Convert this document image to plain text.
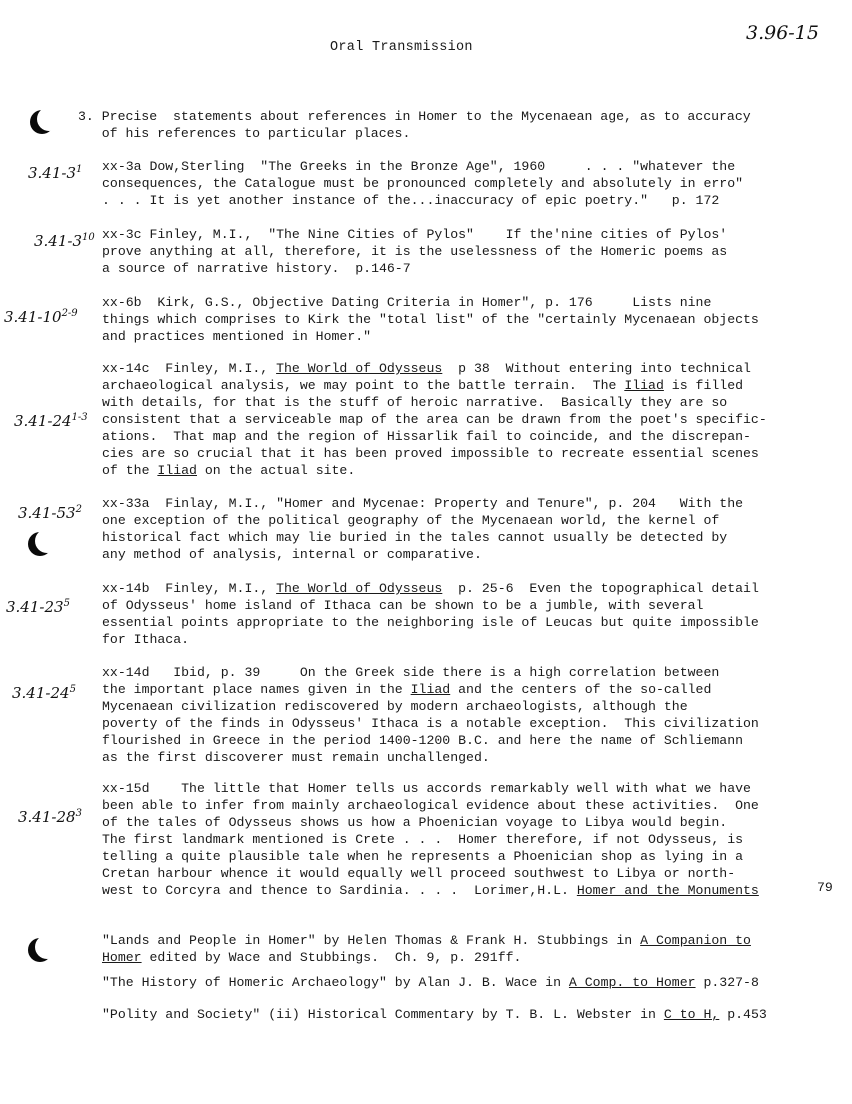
3.96-15
Oral Transmission
3. Precise  statements about references in Homer to the Mycenaean age, as to accuracy
of his references to particular places.
$3.41-3^1$
$3.41-3^{10}$
3.41-10$^{2-9}$
3.41-24$^{1-3}$
$3.41-53^2$
$3.41-23^5$
$3.41-24^5$
$3.41-28^3$
xx-3a Dow,Sterling  "The Greeks in the Bronze Age", 1960     . . . "whatever the
consequences, the Catalogue must be pronounced completely and absolutely in erro"
. . . It is yet another instance of the...inaccuracy of epic poetry."   p. 172
xx-3c Finley, M.I.,  "The Nine Cities of Pylos"    If the'nine cities of Pylos'
prove anything at all, therefore, it is the uselessness of the Homeric poems as
a source of narrative history.  p.146-7
xx-6b  Kirk, G.S., Objective Dating Criteria in Homer", p. 176     Lists nine
things which comprises to Kirk the "total list" of the "certainly Mycenaean objects
and practices mentioned in Homer."
xx-14c  Finley, M.I., The World of Odysseus  p 38  Without entering into technical
archaeological analysis, we may point to the battle terrain.  The Iliad is filled
with details, for that is the stuff of heroic narrative.  Basically they are so
consistent that a serviceable map of the area can be drawn from the poet's specific-
ations.  That map and the region of Hissarlik fail to coincide, and the discrepan-
cies are so crucial that it has been proved impossible to recreate essential scenes
of the Iliad on the actual site.
xx-33a  Finlay, M.I., "Homer and Mycenae: Property and Tenure", p. 204   With the
one exception of the political geography of the Mycenaean world, the kernel of
historical fact which may lie buried in the tales cannot usually be detected by
any method of analysis, internal or comparative.
xx-14b  Finley, M.I., The World of Odysseus  p. 25-6  Even the topographical detail
of Odysseus' home island of Ithaca can be shown to be a jumble, with several
essential points appropriate to the neighboring isle of Leucas but quite impossible
for Ithaca.
xx-14d   Ibid, p. 39     On the Greek side there is a high correlation between
the important place names given in the Iliad and the centers of the so-called
Mycenaean civilization rediscovered by modern archaeologists, although the
poverty of the finds in Odysseus' Ithaca is a notable exception.  This civilization
flourished in Greece in the period 1400-1200 B.C. and here the name of Schliemann
as the first discoverer must remain unchallenged.
xx-15d    The little that Homer tells us accords remarkably well with what we have
been able to infer from mainly archaeological evidence about these activities.  One
of the tales of Odysseus shows us how a Phoenician voyage to Libya would begin.
The first landmark mentioned is Crete . . .  Homer therefore, if not Odysseus, is
telling a quite plausible tale when he represents a Phoenician shop as lying in a
Cretan harbour whence it would equally well proceed southwest to Libya or north-
west to Corcyra and thence to Sardinia. . . .  Lorimer,H.L. Homer and the Monuments	79
"Lands and People in Homer" by Helen Thomas & Frank H. Stubbings in A Companion to
Homer edited by Wace and Stubbings.  Ch. 9, p. 291ff.
"The History of Homeric Archaeology" by Alan J. B. Wace in A Comp. to Homer p.327-8
"Polity and Society" (ii) Historical Commentary by T. B. L. Webster in C to H, p.453
